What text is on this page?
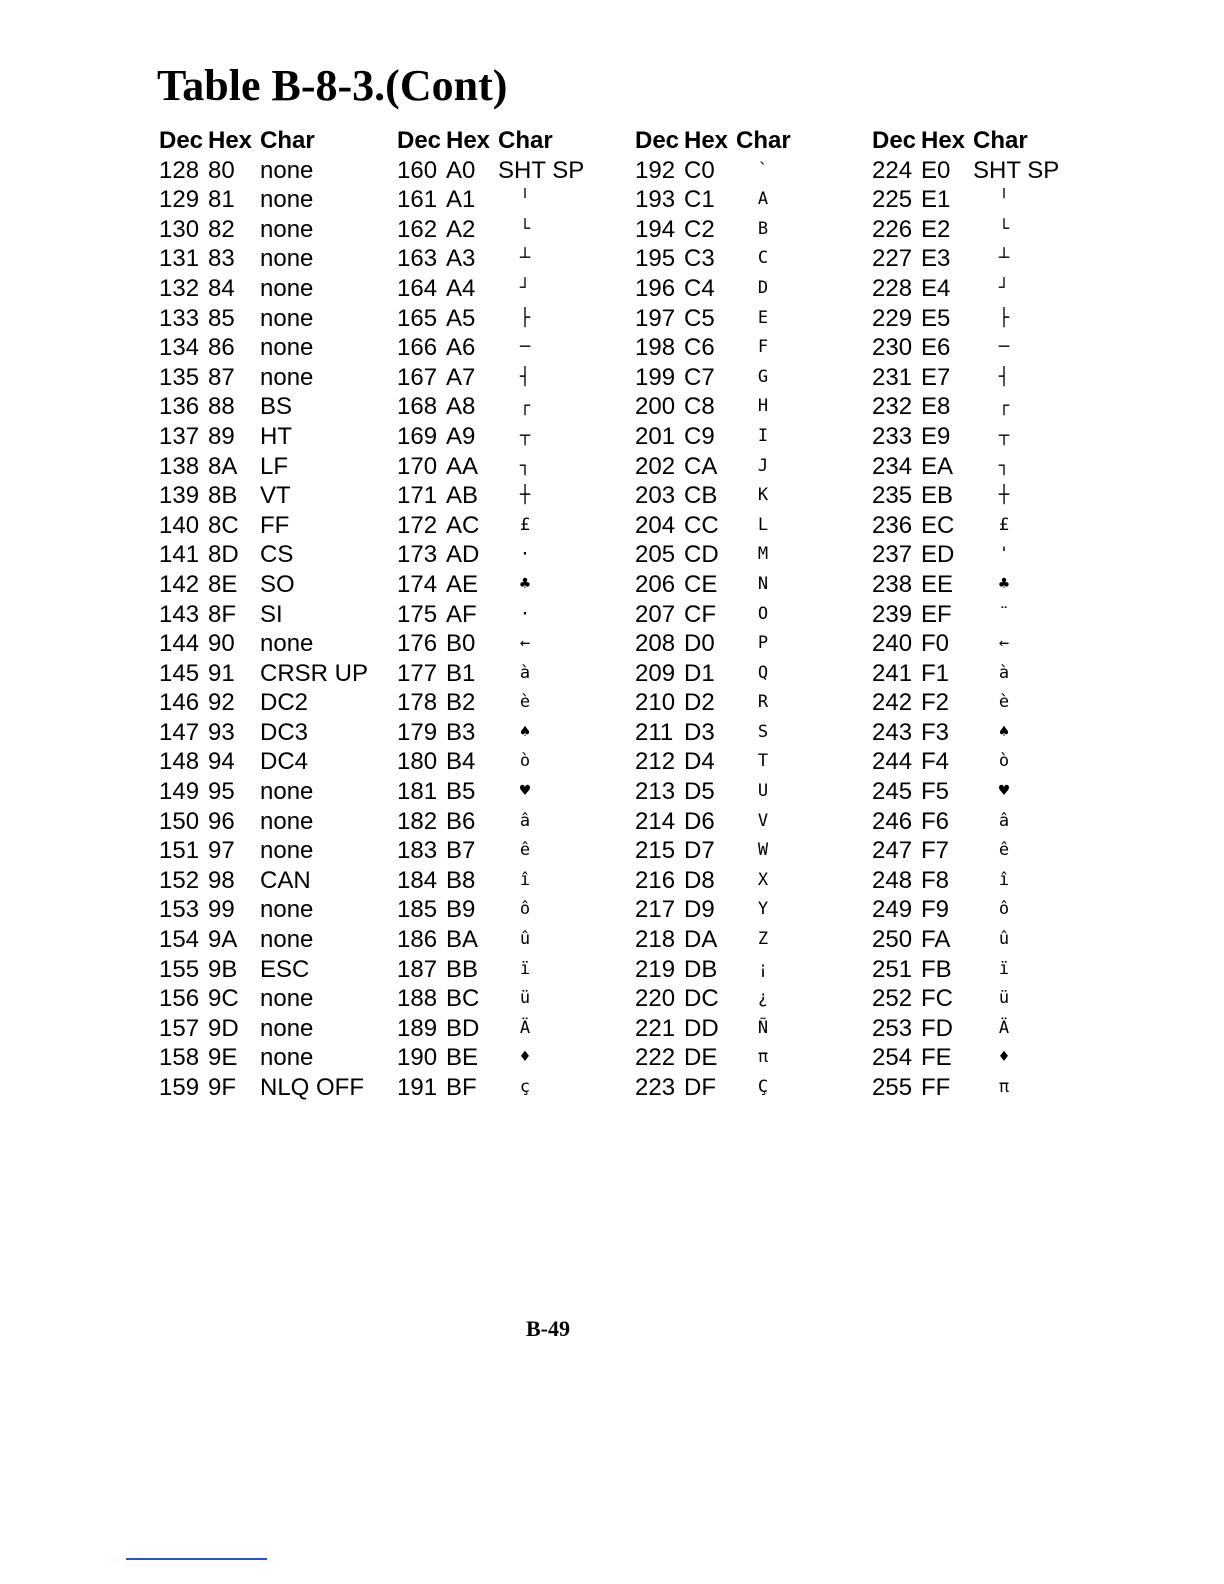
Table B-8-3.(Cont)
Dec Hex Char
128 80 none
129 81 none
130 82 none
131 83 none
132 84 none
133 85 none
134 86 none
135 87 none
136 88 BS
137 89 HT
138 8A LF
139 8B VT
140 8C FF
141 8D CS
142 8E SO
143 8F SI
144 90 none
145 91 CRSR UP
146 92 DC2
147 93 DC3
148 94 DC4
149 95 none
150 96 none
151 97 none
152 98 CAN
153 99 none
154 9A none
155 9B ESC
156 9C none
157 9D none
158 9E none
159 9F NLQ OFF
Dec Hex Char
160 A0 SHT SP
161 A1	╵
162 A2	└
163 A3	┴
164 A4	┘
165 A5	├
166 A6	─
167 A7	┤
168 A8	┌
169 A9	┬
170 AA	┐
171 AB	┼
172 AC	£
173 AD	·
174 AE	♣
175 AF	·
176 B0	←
177 B1	à
178 B2	è
179 B3	♠
180 B4	ò
181 B5	♥
182 B6	â
183 B7	ê
184 B8	î
185 B9	ô
186 BA	û
187 BB	ï
188 BC	ü
189 BD	Ä
190 BE	♦
191 BF	ç
Dec Hex Char
192 C0	`
193 C1	A
194 C2	B
195 C3	C
196 C4	D
197 C5	E
198 C6	F
199 C7	G
200 C8	H
201 C9	I
202 CA	J
203 CB	K
204 CC	L
205 CD	M
206 CE	N
207 CF	O
208 D0	P
209 D1	Q
210 D2	R
211 D3	S
212 D4	T
213 D5	U
214 D6	V
215 D7	W
216 D8	X
217 D9	Y
218 DA	Z
219 DB	¡
220 DC	¿
221 DD	Ñ
222 DE	π
223 DF	Ç
Dec Hex Char
224 E0 SHT SP
225 E1	╵
226 E2	└
227 E3	┴
228 E4	┘
229 E5	├
230 E6	─
231 E7	┤
232 E8	┌
233 E9	┬
234 EA	┐
235 EB	┼
236 EC	£
237 ED	'
238 EE	♣
239 EF	¨
240 F0	←
241 F1	à
242 F2	è
243 F3	♠
244 F4	ò
245 F5	♥
246 F6	â
247 F7	ê
248 F8	î
249 F9	ô
250 FA	û
251 FB	ï
252 FC	ü
253 FD	Ä
254 FE	♦
255 FF	π
B-49
